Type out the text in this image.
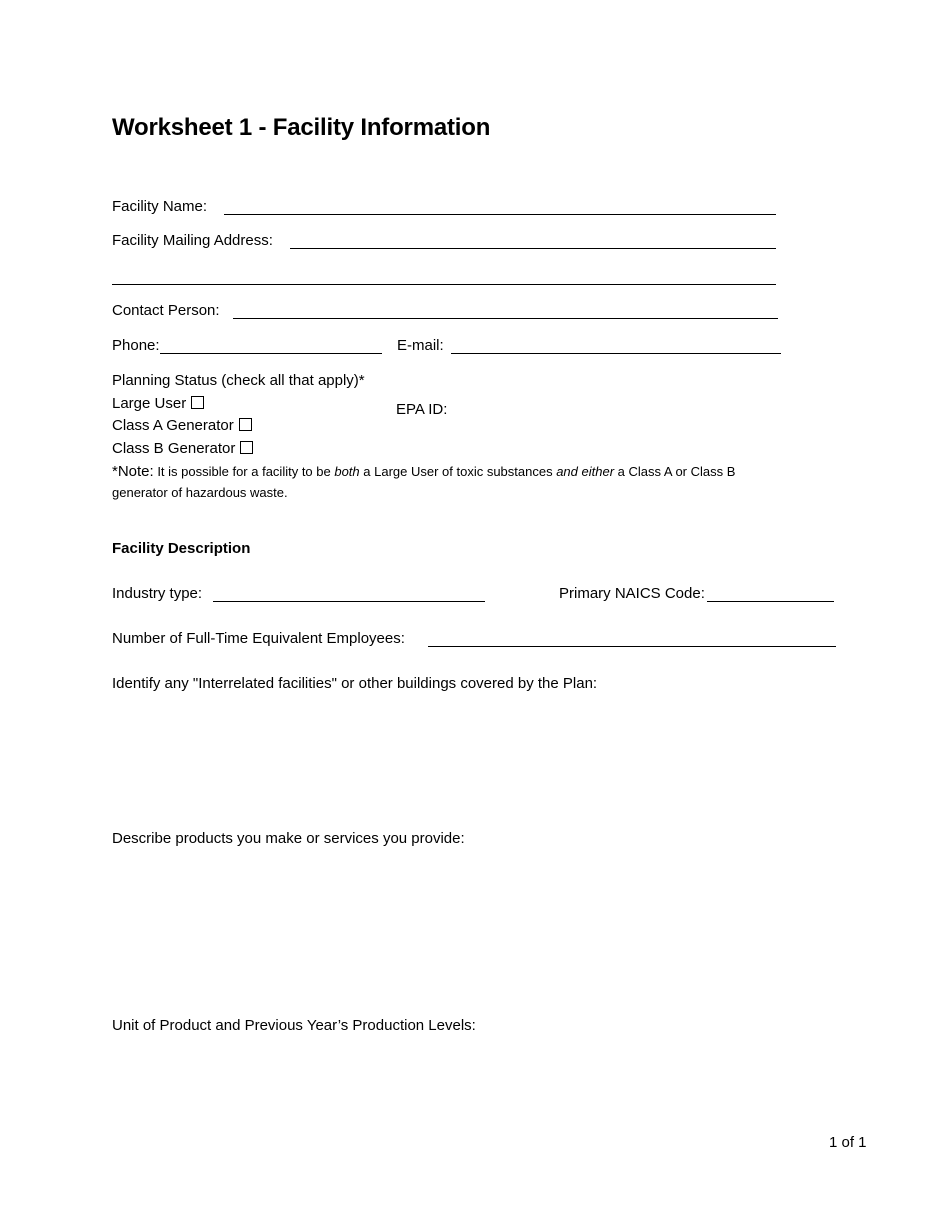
Worksheet 1 - Facility Information
Facility Name:
Facility Mailing Address:
Contact Person:
Phone:	E-mail:
Planning Status (check all that apply)*
Large User
Class A Generator
Class B Generator
EPA ID:
*Note: It is possible for a facility to be both a Large User of toxic substances and either a Class A or Class B
generator of hazardous waste.
Facility Description
Industry type:	Primary NAICS Code:
Number of Full-Time Equivalent Employees:
Identify any "Interrelated facilities" or other buildings covered by the Plan:
Describe products you make or services you provide:
Unit of Product and Previous Year’s Production Levels:
1 of 1
